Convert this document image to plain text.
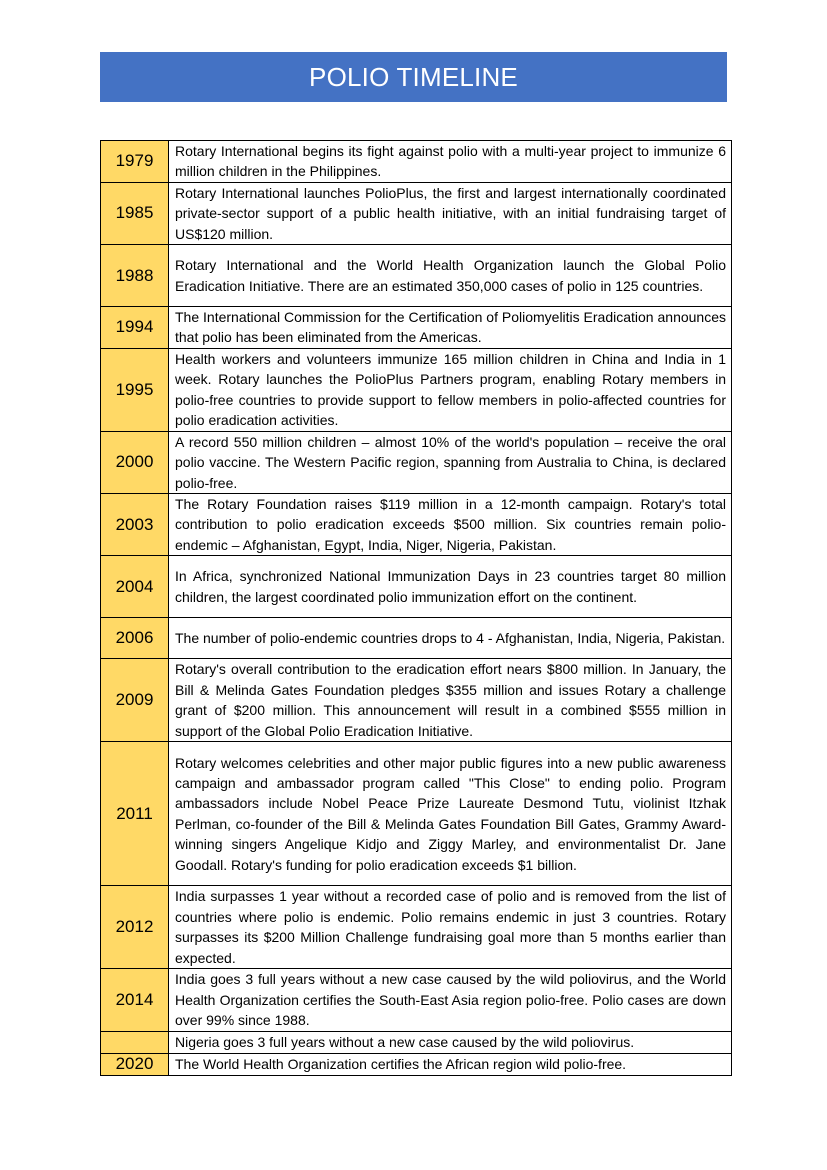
POLIO TIMELINE
1979	Rotary International begins its fight against polio with a multi-year project to immunize 6 million children in the Philippines.
1985	Rotary International launches PolioPlus, the first and largest internationally coordinated private-sector support of a public health initiative, with an initial fundraising target of US$120 million.
1988	Rotary International and the World Health Organization launch the Global Polio Eradication Initiative. There are an estimated 350,000 cases of polio in 125 countries.
1994	The International Commission for the Certification of Poliomyelitis Eradication announces that polio has been eliminated from the Americas.
1995	Health workers and volunteers immunize 165 million children in China and India in 1 week. Rotary launches the PolioPlus Partners program, enabling Rotary members in polio-free countries to provide support to fellow members in polio-affected countries for polio eradication activities.
2000	A record 550 million children – almost 10% of the world's population – receive the oral polio vaccine. The Western Pacific region, spanning from Australia to China, is declared polio-free.
2003	The Rotary Foundation raises $119 million in a 12-month campaign. Rotary's total contribution to polio eradication exceeds $500 million. Six countries remain polio-endemic – Afghanistan, Egypt, India, Niger, Nigeria, Pakistan.
2004	In Africa, synchronized National Immunization Days in 23 countries target 80 million children, the largest coordinated polio immunization effort on the continent.
2006	The number of polio-endemic countries drops to 4 - Afghanistan, India, Nigeria, Pakistan.
2009	Rotary's overall contribution to the eradication effort nears $800 million. In January, the Bill & Melinda Gates Foundation pledges $355 million and issues Rotary a challenge grant of $200 million. This announcement will result in a combined $555 million in support of the Global Polio Eradication Initiative.
2011	Rotary welcomes celebrities and other major public figures into a new public awareness campaign and ambassador program called "This Close" to ending polio. Program ambassadors include Nobel Peace Prize Laureate Desmond Tutu, violinist Itzhak Perlman, co-founder of the Bill & Melinda Gates Foundation Bill Gates, Grammy Award-winning singers Angelique Kidjo and Ziggy Marley, and environmentalist Dr. Jane Goodall. Rotary's funding for polio eradication exceeds $1 billion.
2012	India surpasses 1 year without a recorded case of polio and is removed from the list of countries where polio is endemic. Polio remains endemic in just 3 countries. Rotary surpasses its $200 Million Challenge fundraising goal more than 5 months earlier than expected.
2014	India goes 3 full years without a new case caused by the wild poliovirus, and the World Health Organization certifies the South-East Asia region polio-free. Polio cases are down over 99% since 1988.
	Nigeria goes 3 full years without a new case caused by the wild poliovirus.
2020	The World Health Organization certifies the African region wild polio-free.
